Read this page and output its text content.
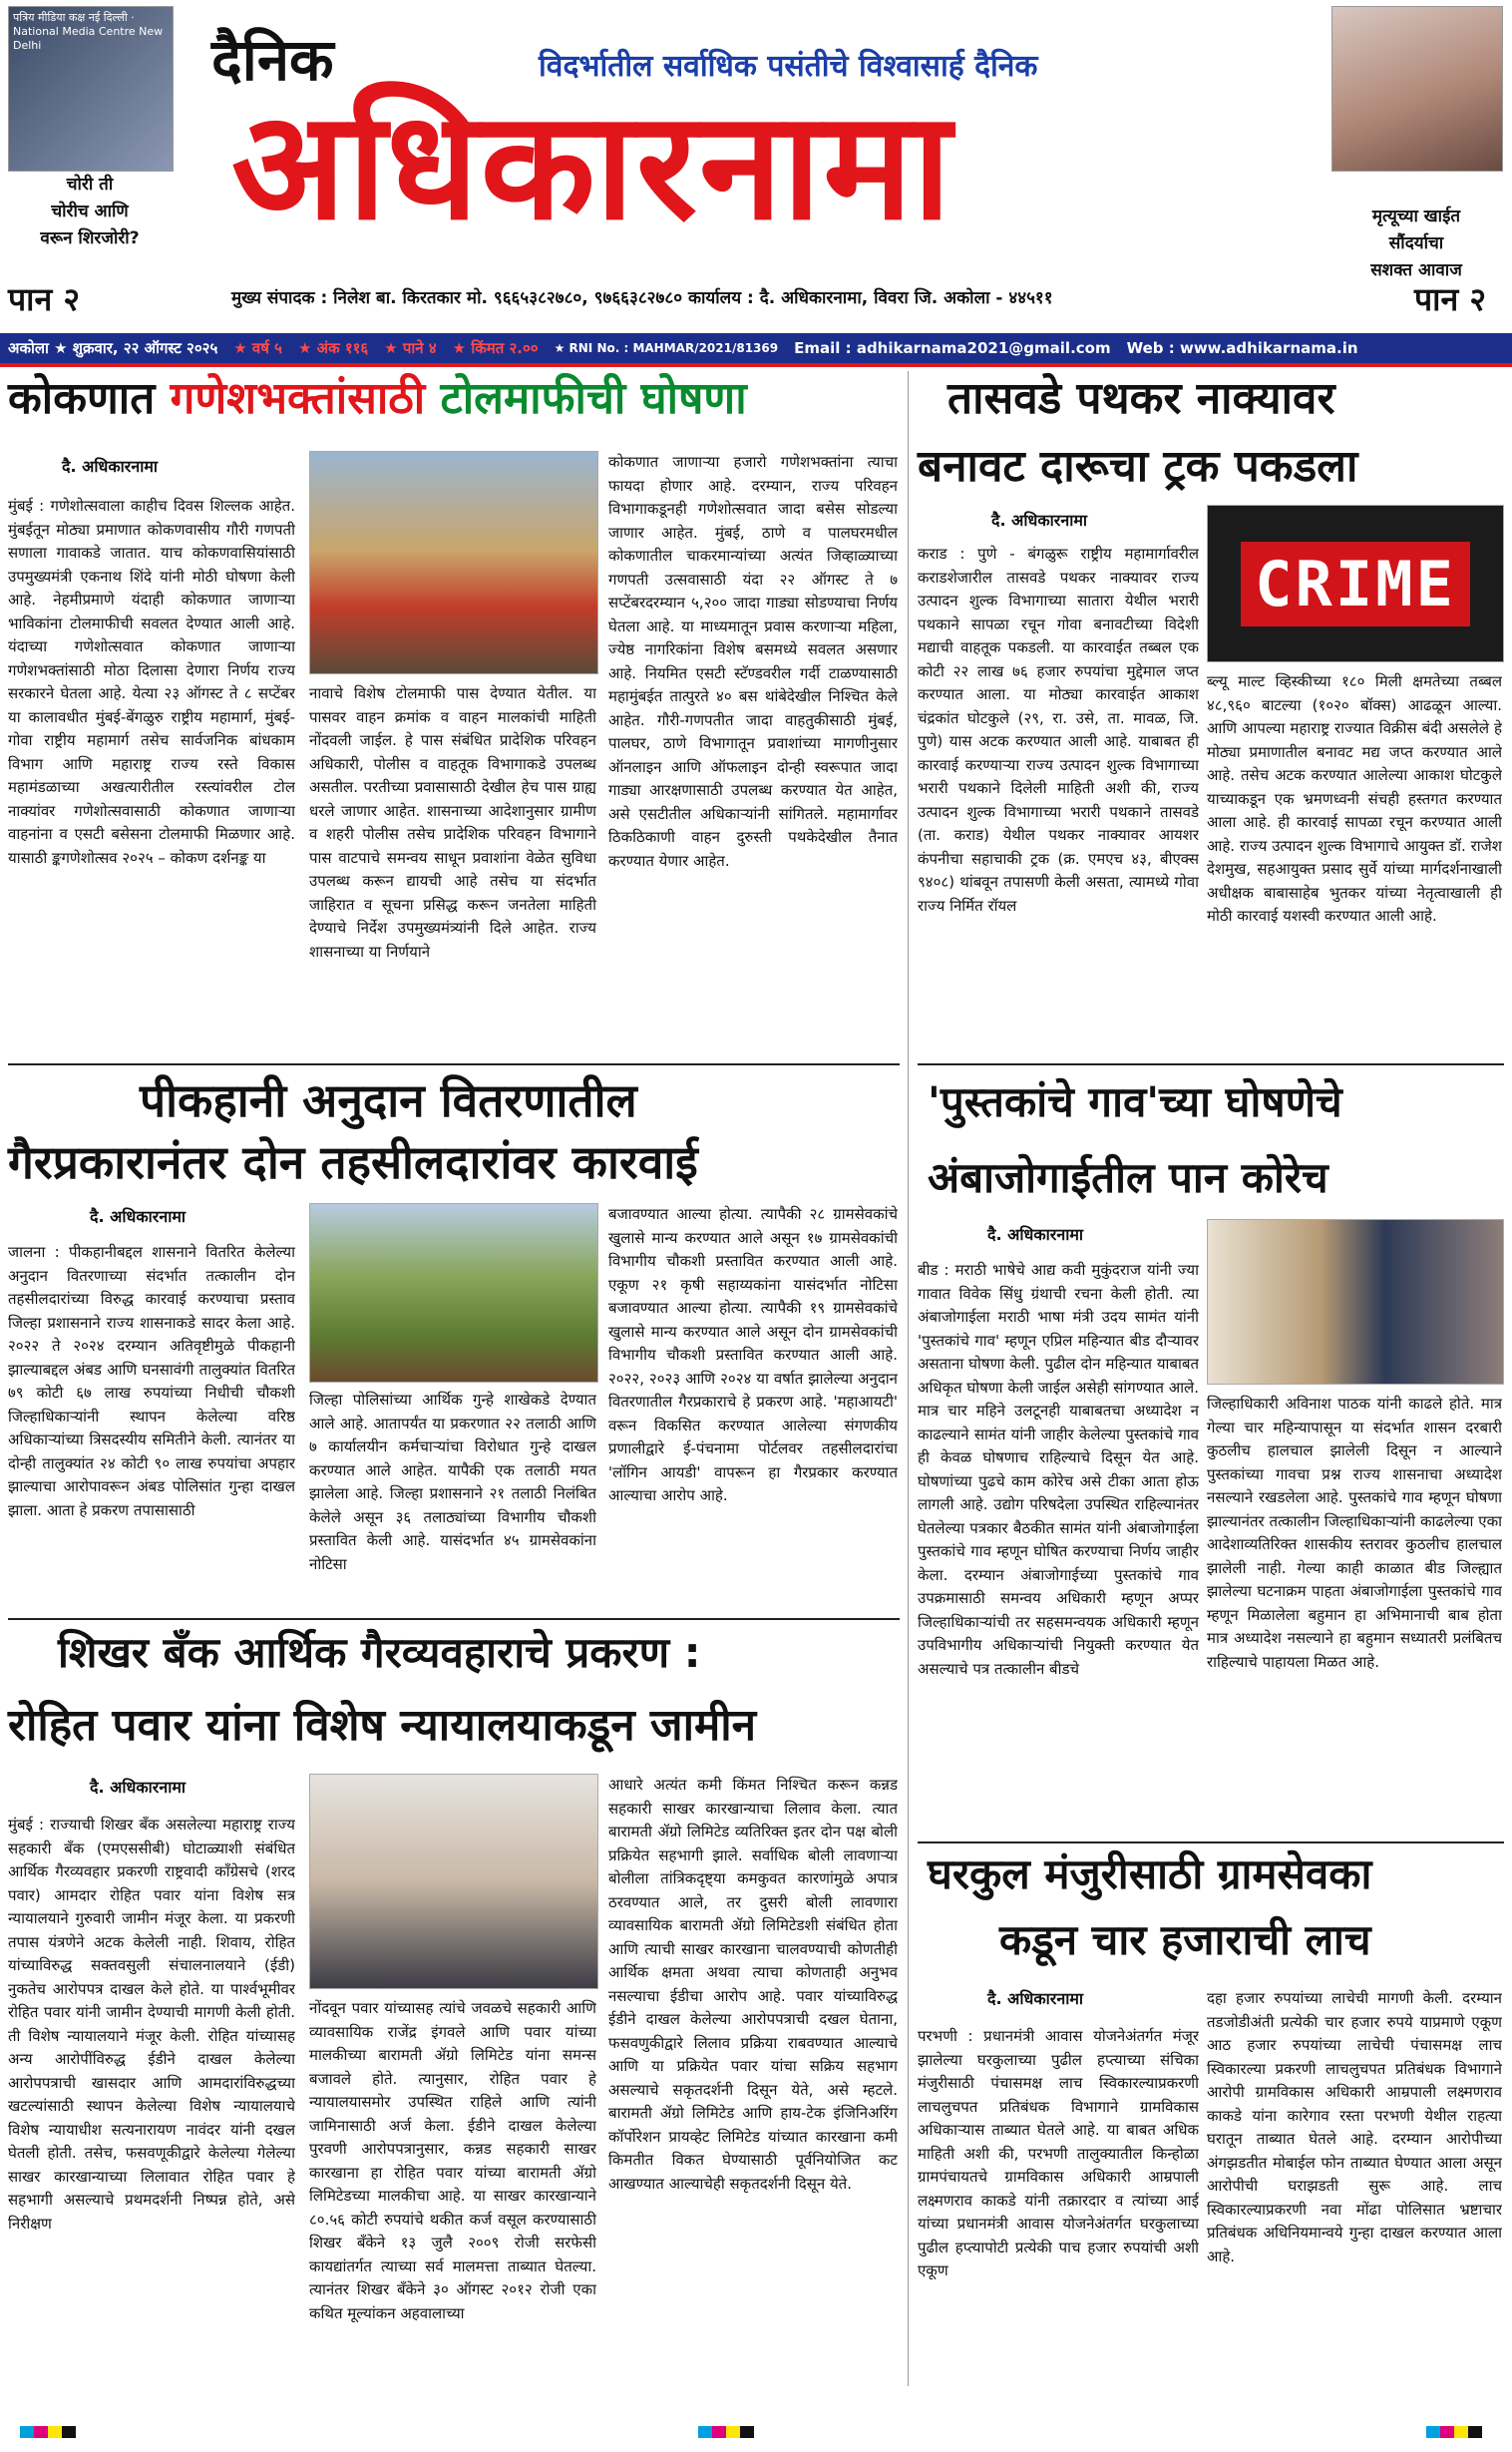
पत्रिय मीडिया कक्ष नई दिल्ली · National Media Centre New Delhi
चोरी ती
चोरीच आणि
वरून शिरजोरी?
दैनिक	विदर्भातील सर्वाधिक पसंतीचे विश्वासार्ह दैनिक
अधिकारनामा	मृत्यूच्या खाईत
सौंदर्याचा
सशक्त आवाज
पान २	मुख्य संपादक : निलेश बा. किरतकार मो. ९६६५३८२७८०, ९७६६३८२७८० कार्यालय : दै. अधिकारनामा, विवरा जि. अकोला - ४४५११	पान २
अकोला ★ शुक्रवार, २२ ऑगस्ट २०२५ ★ वर्ष ५ ★ अंक ११६ ★ पाने ४ ★ किंमत २.०० ★ RNI No. : MAHMAR/2021/81369 Email : adhikarnama2021@gmail.com Web : www.adhikarnama.in
कोकणात गणेशभक्तांसाठी टोलमाफीची घोषणा
दै. अधिकारनामा
मुंबई : गणेशोत्सवाला काहीच दिवस शिल्लक आहेत. मुंबईतून मोठ्या प्रमाणात कोकणवासीय गौरी गणपती सणाला गावाकडे जातात. याच कोकणवासियांसाठी उपमुख्यमंत्री एकनाथ शिंदे यांनी मोठी घोषणा केली आहे. नेहमीप्रमाणे यंदाही कोकणात जाणाऱ्या भाविकांना टोलमाफीची सवलत देण्यात आली आहे. यंदाच्या गणेशोत्सवात कोकणात जाणाऱ्या गणेशभक्तांसाठी मोठा दिलासा देणारा निर्णय राज्य सरकारने घेतला आहे. येत्या २३ ऑगस्ट ते ८ सप्टेंबर या कालावधीत मुंबई-बेंगळुरु राष्ट्रीय महामार्ग, मुंबई-गोवा राष्ट्रीय महामार्ग तसेच सार्वजनिक बांधकाम विभाग आणि महाराष्ट्र राज्य रस्ते विकास महामंडळाच्या अखत्यारीतील रस्त्यांवरील टोल नाक्यांवर गणेशोत्सवासाठी कोकणात जाणाऱ्या वाहनांना व एसटी बसेसना टोलमाफी मिळणार आहे. यासाठी ङ्कगणेशोत्सव २०२५ – कोकण दर्शनङ्क या
नावाचे विशेष टोलमाफी पास देण्यात येतील. या पासवर वाहन क्रमांक व वाहन मालकांची माहिती नोंदवली जाईल. हे पास संबंधित प्रादेशिक परिवहन अधिकारी, पोलीस व वाहतूक विभागाकडे उपलब्ध असतील. परतीच्या प्रवासासाठी देखील हेच पास ग्राह्य धरले जाणार आहेत. शासनाच्या आदेशानुसार ग्रामीण व शहरी पोलीस तसेच प्रादेशिक परिवहन विभागाने पास वाटपाचे समन्वय साधून प्रवाशांना वेळेत सुविधा उपलब्ध करून द्यायची आहे तसेच या संदर्भात जाहिरात व सूचना प्रसिद्ध करून जनतेला माहिती देण्याचे निर्देश उपमुख्यमंत्र्यांनी दिले आहेत. राज्य शासनाच्या या निर्णयाने
कोकणात जाणाऱ्या हजारो गणेशभक्तांना त्याचा फायदा होणार आहे. दरम्यान, राज्य परिवहन विभागाकडूनही गणेशोत्सवात जादा बसेस सोडल्या जाणार आहेत. मुंबई, ठाणे व पालघरमधील कोकणातील चाकरमान्यांच्या अत्यंत जिव्हाळ्याच्या गणपती उत्सवासाठी यंदा २२ ऑगस्ट ते ७ सप्टेंबरदरम्यान ५,२०० जादा गाड्या सोडण्याचा निर्णय घेतला आहे. या माध्यमातून प्रवास करणाऱ्या महिला, ज्येष्ठ नागरिकांना विशेष बसमध्ये सवलत असणार आहे. नियमित एसटी स्टॅण्डवरील गर्दी टाळण्यासाठी महामुंबईत तात्पुरते ४० बस थांबेदेखील निश्चित केले आहेत. गौरी-गणपतीत जादा वाहतुकीसाठी मुंबई, पालघर, ठाणे विभागातून प्रवाशांच्या मागणीनुसार ऑनलाइन आणि ऑफलाइन दोन्ही स्वरूपात जादा गाड्या आरक्षणासाठी उपलब्ध करण्यात येत आहेत, असे एसटीतील अधिकाऱ्यांनी सांगितले. महामार्गावर ठिकठिकाणी वाहन दुरुस्ती पथकेदेखील तैनात करण्यात येणार आहेत.
पीकहानी अनुदान वितरणातील
गैरप्रकारानंतर दोन तहसीलदारांवर कारवाई
दै. अधिकारनामा
जालना : पीकहानीबद्दल शासनाने वितरित केलेल्या अनुदान वितरणाच्या संदर्भात तत्कालीन दोन तहसीलदारांच्या विरुद्ध कारवाई करण्याचा प्रस्ताव जिल्हा प्रशासनाने राज्य शासनाकडे सादर केला आहे. २०२२ ते २०२४ दरम्यान अतिवृष्टीमुळे पीकहानी झाल्याबद्दल अंबड आणि घनसावंगी तालुक्यांत वितरित ७९ कोटी ६७ लाख रुपयांच्या निधीची चौकशी जिल्हाधिकाऱ्यांनी स्थापन केलेल्या वरिष्ठ अधिकाऱ्यांच्या त्रिसदस्यीय समितीने केली. त्यानंतर या दोन्ही तालुक्यांत २४ कोटी ९० लाख रुपयांचा अपहार झाल्याचा आरोपावरून अंबड पोलिसांत गुन्हा दाखल झाला. आता हे प्रकरण तपासासाठी
जिल्हा पोलिसांच्या आर्थिक गुन्हे शाखेकडे देण्यात आले आहे. आतापर्यंत या प्रकरणात २२ तलाठी आणि ७ कार्यालयीन कर्मचाऱ्यांचा विरोधात गुन्हे दाखल करण्यात आले आहेत. यापैकी एक तलाठी मयत झालेला आहे. जिल्हा प्रशासनाने २१ तलाठी निलंबित केलेले असून ३६ तलाठ्यांच्या विभागीय चौकशी प्रस्तावित केली आहे. यासंदर्भात ४५ ग्रामसेवकांना नोटिसा
बजावण्यात आल्या होत्या. त्यापैकी २८ ग्रामसेवकांचे खुलासे मान्य करण्यात आले असून १७ ग्रामसेवकांची विभागीय चौकशी प्रस्तावित करण्यात आली आहे. एकूण २१ कृषी सहाय्यकांना यासंदर्भात नोटिसा बजावण्यात आल्या होत्या. त्यापैकी १९ ग्रामसेवकांचे खुलासे मान्य करण्यात आले असून दोन ग्रामसेवकांची विभागीय चौकशी प्रस्तावित करण्यात आली आहे. २०२२, २०२३ आणि २०२४ या वर्षात झालेल्या अनुदान वितरणातील गैरप्रकाराचे हे प्रकरण आहे. 'महाआयटी' वरून विकसित करण्यात आलेल्या संगणकीय प्रणालीद्वारे ई-पंचनामा पोर्टलवर तहसीलदारांचा 'लॉगिन आयडी' वापरून हा गैरप्रकार करण्यात आल्याचा आरोप आहे.
शिखर बँक आर्थिक गैरव्यवहाराचे प्रकरण :
रोहित पवार यांना विशेष न्यायालयाकडून जामीन
दै. अधिकारनामा
मुंबई : राज्याची शिखर बँक असलेल्या महाराष्ट्र राज्य सहकारी बँक (एमएससीबी) घोटाळ्याशी संबंधित आर्थिक गैरव्यवहार प्रकरणी राष्ट्रवादी काँग्रेसचे (शरद पवार) आमदार रोहित पवार यांना विशेष सत्र न्यायालयाने गुरुवारी जामीन मंजूर केला. या प्रकरणी तपास यंत्रणेने अटक केलेली नाही. शिवाय, रोहित यांच्याविरुद्ध सक्तवसुली संचालनालयाने (ईडी) नुकतेच आरोपपत्र दाखल केले होते. या पार्श्वभूमीवर रोहित पवार यांनी जामीन देण्याची मागणी केली होती. ती विशेष न्यायालयाने मंजूर केली. रोहित यांच्यासह अन्य आरोपींविरुद्ध ईडीने दाखल केलेल्या आरोपपत्राची खासदार आणि आमदारांविरुद्धच्या खटल्यांसाठी स्थापन केलेल्या विशेष न्यायालयाचे विशेष न्यायाधीश सत्यनारायण नावंदर यांनी दखल घेतली होती. तसेच, फसवणूकीद्वारे केलेल्या गेलेल्या साखर कारखान्याच्या लिलावात रोहित पवार हे सहभागी असल्याचे प्रथमदर्शनी निष्पन्न होते, असे निरीक्षण
नोंदवून पवार यांच्यासह त्यांचे जवळचे सहकारी आणि व्यावसायिक राजेंद्र इंगवले आणि पवार यांच्या मालकीच्या बारामती ॲग्रो लिमिटेड यांना समन्स बजावले होते. त्यानुसार, रोहित पवार हे न्यायालयासमोर उपस्थित राहिले आणि त्यांनी जामिनासाठी अर्ज केला. ईडीने दाखल केलेल्या पुरवणी आरोपपत्रानुसार, कन्नड सहकारी साखर कारखाना हा रोहित पवार यांच्या बारामती ॲग्रो लिमिटेडच्या मालकीचा आहे. या साखर कारखान्याने ८०.५६ कोटी रुपयांचे थकीत कर्ज वसूल करण्यासाठी शिखर बँकेने १३ जुलै २००९ रोजी सरफेसी कायद्यांतर्गत त्याच्या सर्व मालमत्ता ताब्यात घेतल्या. त्यानंतर शिखर बँकेने ३० ऑगस्ट २०१२ रोजी एका कथित मूल्यांकन अहवालाच्या
आधारे अत्यंत कमी किंमत निश्चित करून कन्नड सहकारी साखर कारखान्याचा लिलाव केला. त्यात बारामती ॲग्रो लिमिटेड व्यतिरिक्त इतर दोन पक्ष बोली प्रक्रियेत सहभागी झाले. सर्वाधिक बोली लावणाऱ्या बोलीला तांत्रिकदृष्ट्या कमकुवत कारणांमुळे अपात्र ठरवण्यात आले, तर दुसरी बोली लावणारा व्यावसायिक बारामती ॲग्रो लिमिटेडशी संबंधित होता आणि त्याची साखर कारखाना चालवण्याची कोणतीही आर्थिक क्षमता अथवा त्याचा कोणताही अनुभव नसल्याचा ईडीचा आरोप आहे. पवार यांच्याविरुद्ध ईडीने दाखल केलेल्या आरोपपत्राची दखल घेताना, फसवणुकीद्वारे लिलाव प्रक्रिया राबवण्यात आल्याचे आणि या प्रक्रियेत पवार यांचा सक्रिय सहभाग असल्याचे सकृतदर्शनी दिसून येते, असे म्हटले. बारामती ॲग्रो लिमिटेड आणि हाय-टेक इंजिनिअरिंग कॉर्पोरेशन प्रायव्हेट लिमिटेड यांच्यात कारखाना कमी किमतीत विकत घेण्यासाठी पूर्वनियोजित कट आखण्यात आल्याचेही सकृतदर्शनी दिसून येते.
तासवडे पथकर नाक्यावर
बनावट दारूचा ट्रक पकडला
दै. अधिकारनामा
CRIME
कराड : पुणे - बंगळुरू राष्ट्रीय महामार्गावरील कराडशेजारील तासवडे पथकर नाक्यावर राज्य उत्पादन शुल्क विभागाच्या सातारा येथील भरारी पथकाने सापळा रचून गोवा बनावटीच्या विदेशी मद्याची वाहतूक पकडली. या कारवाईत तब्बल एक कोटी २२ लाख ७६ हजार रुपयांचा मुद्देमाल जप्त करण्यात आला. या मोठ्या कारवाईत आकाश चंद्रकांत घोटकुले (२९, रा. उसे, ता. मावळ, जि. पुणे) यास अटक करण्यात आली आहे. याबाबत ही कारवाई करण्याऱ्या राज्य उत्पादन शुल्क विभागाच्या भरारी पथकाने दिलेली माहिती अशी की, राज्य उत्पादन शुल्क विभागाच्या भरारी पथकाने तासवडे (ता. कराड) येथील पथकर नाक्यावर आयशर कंपनीचा सहाचाकी ट्रक (क्र. एमएच ४३, बीएक्स ९४०८) थांबवून तपासणी केली असता, त्यामध्ये गोवा राज्य निर्मित रॉयल
ब्ल्यू माल्ट व्हिस्कीच्या १८० मिली क्षमतेच्या तब्बल ४८,९६० बाटल्या (१०२० बॉक्स) आढळून आल्या. आणि आपल्या महाराष्ट्र राज्यात विक्रीस बंदी असलेले हे मोठ्या प्रमाणातील बनावट मद्य जप्त करण्यात आले आहे. तसेच अटक करण्यात आलेल्या आकाश घोटकुले याच्याकडून एक भ्रमणध्वनी संचही हस्तगत करण्यात आला आहे. ही कारवाई सापळा रचून करण्यात आली आहे. राज्य उत्पादन शुल्क विभागाचे आयुक्त डॉ. राजेश देशमुख, सहआयुक्त प्रसाद सुर्वे यांच्या मार्गदर्शनाखाली अधीक्षक बाबासाहेब भुतकर यांच्या नेतृत्वाखाली ही मोठी कारवाई यशस्वी करण्यात आली आहे.
'पुस्तकांचे गाव'च्या घोषणेचे
अंबाजोगाईतील पान कोरेच
दै. अधिकारनामा
बीड : मराठी भाषेचे आद्य कवी मुकुंदराज यांनी ज्या गावात विवेक सिंधु ग्रंथाची रचना केली होती. त्या अंबाजोगाईला मराठी भाषा मंत्री उदय सामंत यांनी 'पुस्तकांचे गाव' म्हणून एप्रिल महिन्यात बीड दौऱ्यावर असताना घोषणा केली. पुढील दोन महिन्यात याबाबत अधिकृत घोषणा केली जाईल असेही सांगण्यात आले. मात्र चार महिने उलटूनही याबाबतचा अध्यादेश न काढल्याने सामंत यांनी जाहीर केलेल्या पुस्तकांचे गाव ही केवळ घोषणाच राहिल्याचे दिसून येत आहे. घोषणांच्या पुढचे काम कोरेच असे टीका आता होऊ लागली आहे. उद्योग परिषदेला उपस्थित राहिल्यानंतर घेतलेल्या पत्रकार बैठकीत सामंत यांनी अंबाजोगाईला पुस्तकांचे गाव म्हणून घोषित करण्याचा निर्णय जाहीर केला. दरम्यान अंबाजोगाईच्या पुस्तकांचे गाव उपक्रमासाठी समन्वय अधिकारी म्हणून अप्पर जिल्हाधिकाऱ्यांची तर सहसमन्वयक अधिकारी म्हणून उपविभागीय अधिकाऱ्यांची नियुक्ती करण्यात येत असल्याचे पत्र तत्कालीन बीडचे
जिल्हाधिकारी अविनाश पाठक यांनी काढले होते. मात्र गेल्या चार महिन्यापासून या संदर्भात शासन दरबारी कुठलीच हालचाल झालेली दिसून न आल्याने पुस्तकांच्या गावचा प्रश्न राज्य शासनाचा अध्यादेश नसल्याने रखडलेला आहे. पुस्तकांचे गाव म्हणून घोषणा झाल्यानंतर तत्कालीन जिल्हाधिकाऱ्यांनी काढलेल्या एका आदेशाव्यतिरिक्त शासकीय स्तरावर कुठलीच हालचाल झालेली नाही. गेल्या काही काळात बीड जिल्ह्यात झालेल्या घटनाक्रम पाहता अंबाजोगाईला पुस्तकांचे गाव म्हणून मिळालेला बहुमान हा अभिमानाची बाब होता मात्र अध्यादेश नसल्याने हा बहुमान सध्यातरी प्रलंबितच राहिल्याचे पाहायला मिळत आहे.
घरकुल मंजुरीसाठी ग्रामसेवका
कडून चार हजाराची लाच
दै. अधिकारनामा
परभणी : प्रधानमंत्री आवास योजनेअंतर्गत मंजूर झालेल्या घरकुलाच्या पुढील हप्त्याच्या संचिका मंजुरीसाठी पंचासमक्ष लाच स्विकारल्याप्रकरणी लाचलुचपत प्रतिबंधक विभागाने ग्रामविकास अधिकाऱ्यास ताब्यात घेतले आहे. या बाबत अधिक माहिती अशी की, परभणी तालुक्यातील किन्होळा ग्रामपंचायतचे ग्रामविकास अधिकारी आम्रपाली लक्ष्मणराव काकडे यांनी तक्रारदार व त्यांच्या आई यांच्या प्रधानमंत्री आवास योजनेअंतर्गत घरकुलाच्या पुढील हप्त्यापोटी प्रत्येकी पाच हजार रुपयांची अशी एकूण
दहा हजार रुपयांच्या लाचेची मागणी केली. दरम्यान तडजोडीअंती प्रत्येकी चार हजार रुपये याप्रमाणे एकूण आठ हजार रुपयांच्या लाचेची पंचासमक्ष लाच स्विकारल्या प्रकरणी लाचलुचपत प्रतिबंधक विभागाने आरोपी ग्रामविकास अधिकारी आम्रपाली लक्ष्मणराव काकडे यांना कारेगाव रस्ता परभणी येथील राहत्या घरातून ताब्यात घेतले आहे. दरम्यान आरोपीच्या अंगझडतीत मोबाईल फोन ताब्यात घेण्यात आला असून आरोपीची घराझडती सुरू आहे. लाच स्विकारल्याप्रकरणी नवा मोंढा पोलिसात भ्रष्टाचार प्रतिबंधक अधिनियमान्वये गुन्हा दाखल करण्यात आला आहे.
